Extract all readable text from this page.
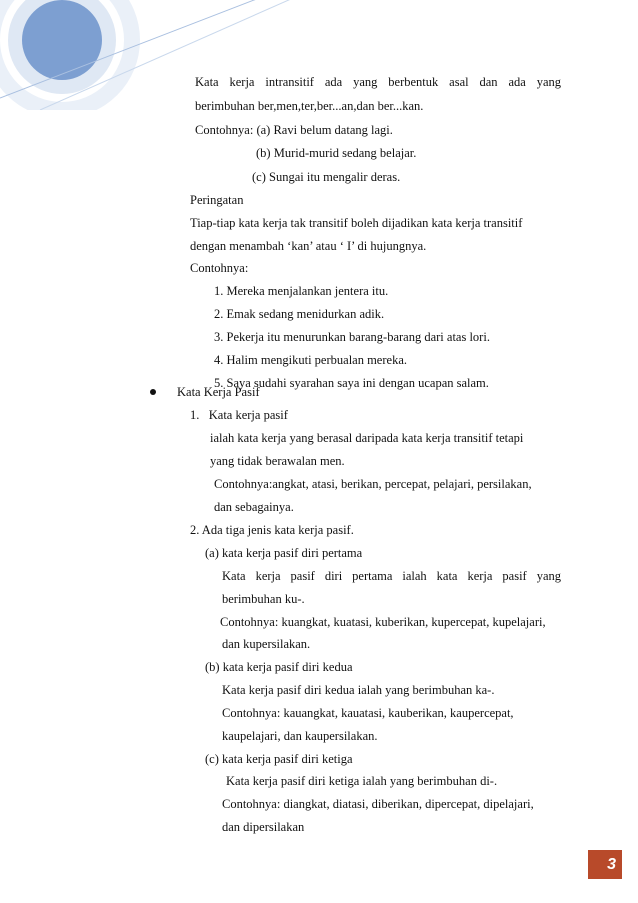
Kata kerja intransitif ada yang berbentuk asal dan ada yang
berimbuhan ber,men,ter,ber...an,dan ber...kan.
Contohnya: (a) Ravi belum datang lagi.
(b) Murid-murid sedang belajar.
(c) Sungai itu mengalir deras.
Peringatan
Tiap-tiap kata kerja tak transitif boleh dijadikan kata kerja transitif
dengan menambah ‘kan’ atau ‘ I’ di hujungnya.
Contohnya:
1. Mereka menjalankan jentera itu.
2. Emak sedang menidurkan adik.
3. Pekerja itu menurunkan barang-barang dari atas lori.
4. Halim mengikuti perbualan mereka.
5. Saya sudahi syarahan saya ini dengan ucapan salam.
Kata Kerja Pasif
1.   Kata kerja pasif
ialah kata kerja yang berasal daripada kata kerja transitif tetapi
yang tidak berawalan men.
Contohnya:angkat, atasi, berikan, percepat, pelajari, persilakan,
dan sebagainya.
2. Ada tiga jenis kata kerja pasif.
(a) kata kerja pasif diri pertama
Kata kerja pasif diri pertama ialah kata kerja pasif yang
berimbuhan ku-.
Contohnya: kuangkat, kuatasi, kuberikan, kupercepat, kupelajari,
dan kupersilakan.
(b) kata kerja pasif diri kedua
Kata kerja pasif diri kedua ialah yang berimbuhan ka-.
Contohnya: kauangkat, kauatasi, kauberikan, kaupercepat,
kaupelajari, dan kaupersilakan.
(c) kata kerja pasif diri ketiga
Kata kerja pasif diri ketiga ialah yang berimbuhan di-.
Contohnya: diangkat, diatasi, diberikan, dipercepat, dipelajari,
dan dipersilakan
3
